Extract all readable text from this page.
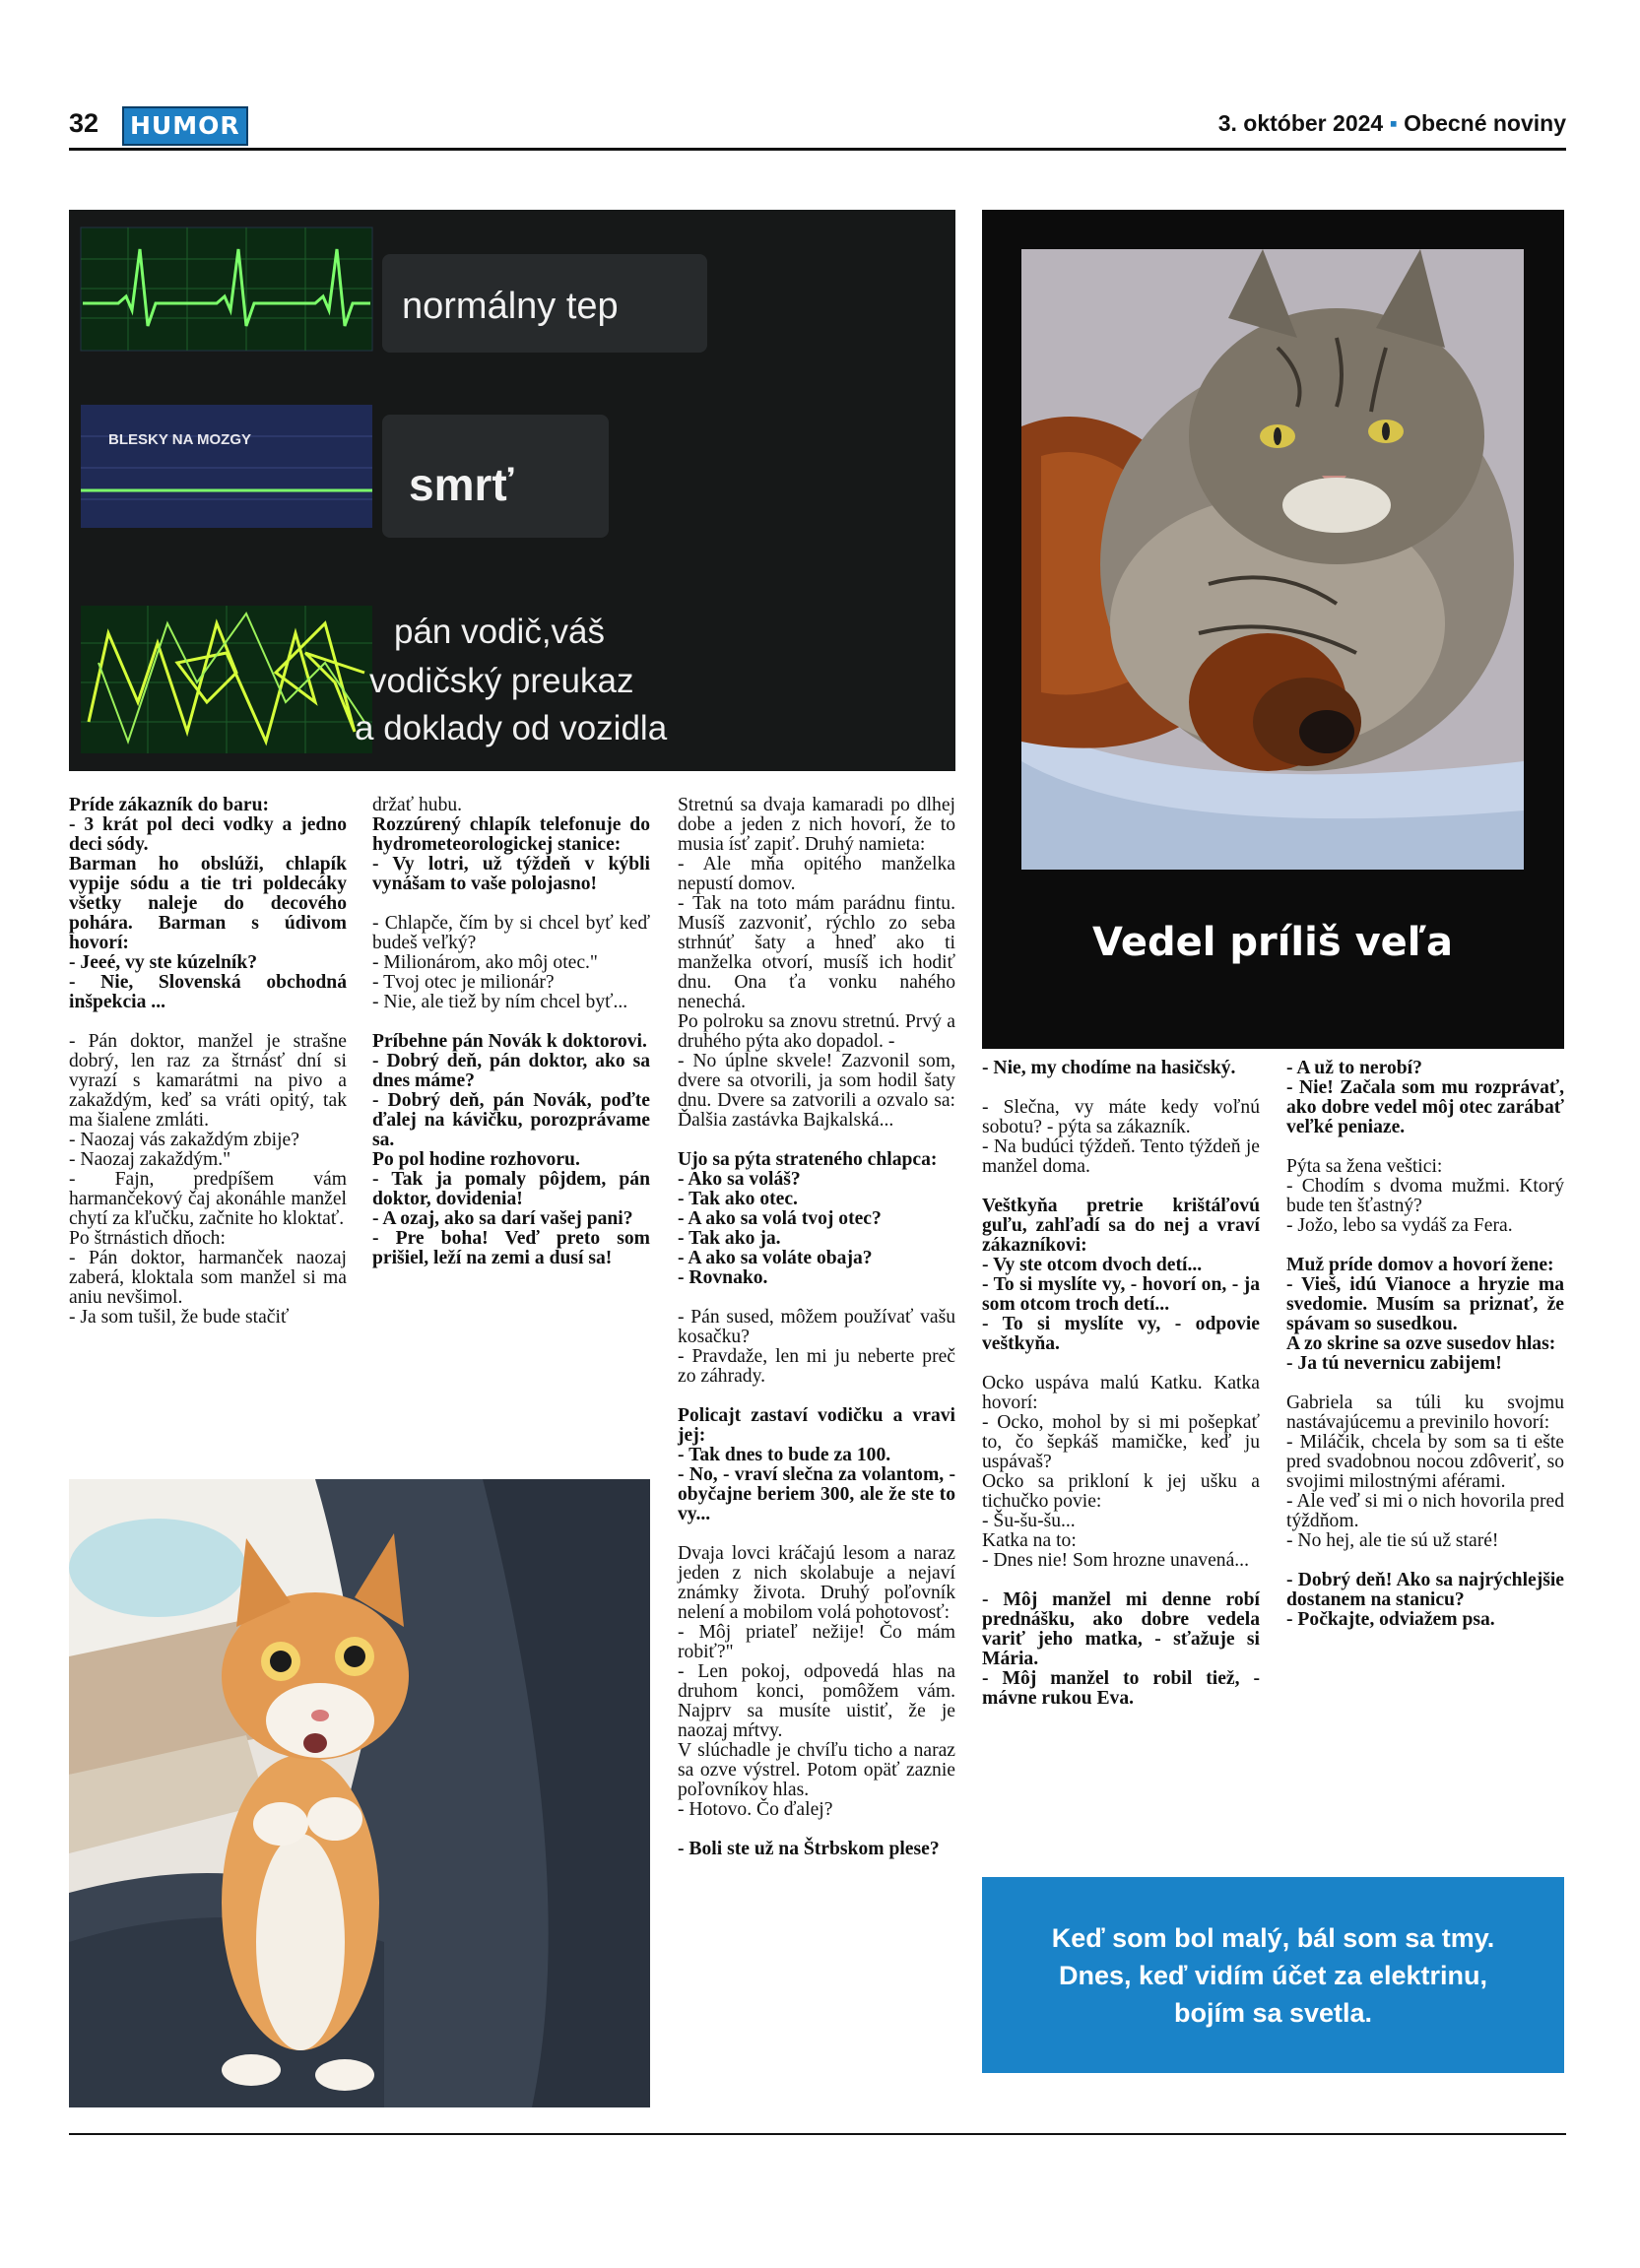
32	HUMOR	3. október 2024 ▪ Obecné noviny
normálny tep
BLESKY NA MOZGY
smrť
pán vodič,váš
vodičský preukaz
a doklady od vozidla
Vedel príliš veľa

Príde zákazník do baru:

- 3 krát pol deci vodky a jedno deci sódy.

Barman ho obslúži, chlapík vypije sódu a tie tri poldecáky všetky naleje do decového pohára. Barman s údivom hovorí:

- Jeeé, vy ste kúzelník?

- Nie, Slovenská obchodná inšpekcia ...

- Pán doktor, manžel je strašne dobrý, len raz za štrnásť dní si vyrazí s kamarátmi na pivo a zakaždým, keď sa vráti opitý, tak ma šialene zmláti.

- Naozaj vás zakaždým zbije?

- Naozaj zakaždým."

- Fajn, predpíšem vám harmančekový čaj akonáhle manžel chytí za kľučku, začnite ho kloktať.

Po štrnástich dňoch:

- Pán doktor, harmanček naozaj zaberá, kloktala som manžel si ma aniu nevšimol.

- Ja som tušil, že bude stačiť

držať hubu.

Rozzúrený chlapík telefonuje do hydrometeorologickej stanice:

- Vy lotri, už týždeň v kýbli vynášam to vaše polojasno!

- Chlapče, čím by si chcel byť keď budeš veľký?

- Milionárom, ako môj otec."

- Tvoj otec je milionár?

- Nie, ale tiež by ním chcel byť...

Príbehne pán Novák k doktorovi.

- Dobrý deň, pán doktor, ako sa dnes máme?

- Dobrý deň, pán Novák, poďte ďalej na kávičku, porozprávame sa.

Po pol hodine rozhovoru.

- Tak ja pomaly pôjdem, pán doktor, dovidenia!

- A ozaj, ako sa darí vašej pani?

- Pre boha! Veď preto som prišiel, leží na zemi a dusí sa!

Stretnú sa dvaja kamaradi po dlhej dobe a jeden z nich hovorí, že to musia ísť zapiť. Druhý namieta:

- Ale mňa opitého manželka nepustí domov.

- Tak na toto mám parádnu fintu. Musíš zazvoniť, rýchlo zo seba strhnúť šaty a hneď ako ti manželka otvorí, musíš ich hodiť dnu. Ona ťa vonku nahého nenechá.

Po polroku sa znovu stretnú. Prvý a druhého pýta ako dopadol. -

- No úplne skvele! Zazvonil som, dvere sa otvorili, ja som hodil šaty dnu. Dvere sa zatvorili a ozvalo sa: Ďalšia zastávka Bajkalská...

Ujo sa pýta strateného chlapca:

- Ako sa voláš?

- Tak ako otec.

- A ako sa volá tvoj otec?

- Tak ako ja.

- A ako sa voláte obaja?

- Rovnako.

- Pán sused, môžem používať vašu kosačku?

- Pravdaže, len mi ju neberte preč zo záhrady.

Policajt zastaví vodičku a vravi jej:

- Tak dnes to bude za 100.

- No, - vraví slečna za volantom, - obyčajne beriem 300, ale že ste to vy...

Dvaja lovci kráčajú lesom a naraz jeden z nich skolabuje a nejaví známky života. Druhý poľovník nelení a mobilom volá pohotovosť:

- Môj priateľ nežije! Čo mám robiť?"

- Len pokoj, odpovedá hlas na druhom konci, pomôžem vám. Najprv sa musíte uistiť, že je naozaj mŕtvy.

V slúchadle je chvíľu ticho a naraz sa ozve výstrel. Potom opäť zaznie poľovníkov hlas.

- Hotovo. Čo ďalej?

- Boli ste už na Štrbskom plese?

- Nie, my chodíme na hasičský.

- Slečna, vy máte kedy voľnú sobotu? - pýta sa zákazník.

- Na budúci týždeň. Tento týždeň je manžel doma.

Veštkyňa pretrie krištáľovú guľu, zahľadí sa do nej a vraví zákazníkovi:

- Vy ste otcom dvoch detí...

- To si myslíte vy, - hovorí on, - ja som otcom troch detí...

- To si myslíte vy, - odpovie veštkyňa.

Ocko uspáva malú Katku. Katka hovorí:

- Ocko, mohol by si mi pošepkať to, čo šepkáš mamičke, keď ju uspávaš?

Ocko sa prikloní k jej ušku a tichučko povie:

- Šu-šu-šu...

Katka na to:

- Dnes nie! Som hrozne unavená...

- Môj manžel mi denne robí prednášku, ako dobre vedela variť jeho matka, - sťažuje si Mária.

- Môj manžel to robil tiež, -mávne rukou Eva.

- A už to nerobí?

- Nie! Začala som mu rozprávať, ako dobre vedel môj otec zarábať veľké peniaze.

Pýta sa žena veštici:

- Chodím s dvoma mužmi. Ktorý bude ten šťastný?

- Jožo, lebo sa vydáš za Fera.

Muž príde domov a hovorí žene:

- Vieš, idú Vianoce a hryzie ma svedomie. Musím sa priznať, že spávam so susedkou.

A zo skrine sa ozve susedov hlas:

- Ja tú nevernicu zabijem!

Gabriela sa túli ku svojmu nastávajúcemu a previnilo hovorí:

- Miláčik, chcela by som sa ti ešte pred svadobnou nocou zdôveriť, so svojimi milostnými aférami.

- Ale veď si mi o nich hovorila pred týždňom.

- No hej, ale tie sú už staré!

- Dobrý deň! Ako sa najrýchlejšie dostanem na stanicu?

- Počkajte, odviažem psa.

Keď som bol malý, bál som sa tmy.
Dnes, keď vidím účet za elektrinu,
bojím sa svetla.
